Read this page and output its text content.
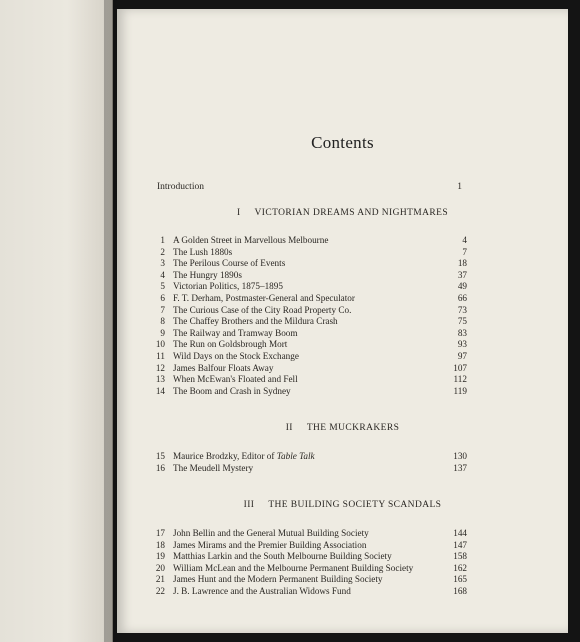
Contents
Introduction	1
I VICTORIAN DREAMS AND NIGHTMARES
1 A Golden Street in Marvellous Melbourne	4
2 The Lush 1880s	7
3 The Perilous Course of Events	18
4 The Hungry 1890s	37
5 Victorian Politics, 1875–1895	49
6 F. T. Derham, Postmaster-General and Speculator	66
7 The Curious Case of the City Road Property Co.	73
8 The Chaffey Brothers and the Mildura Crash	75
9 The Railway and Tramway Boom	83
10 The Run on Goldsbrough Mort	93
11 Wild Days on the Stock Exchange	97
12 James Balfour Floats Away	107
13 When McEwan's Floated and Fell	112
14 The Boom and Crash in Sydney	119
II THE MUCKRAKERS
15 Maurice Brodzky, Editor of Table Talk	130
16 The Meudell Mystery	137
III THE BUILDING SOCIETY SCANDALS
17 John Bellin and the General Mutual Building Society	144
18 James Mirams and the Premier Building Association	147
19 Matthias Larkin and the South Melbourne Building Society	158
20 William McLean and the Melbourne Permanent Building Society	162
21 James Hunt and the Modern Permanent Building Society	165
22 J. B. Lawrence and the Australian Widows Fund	168
